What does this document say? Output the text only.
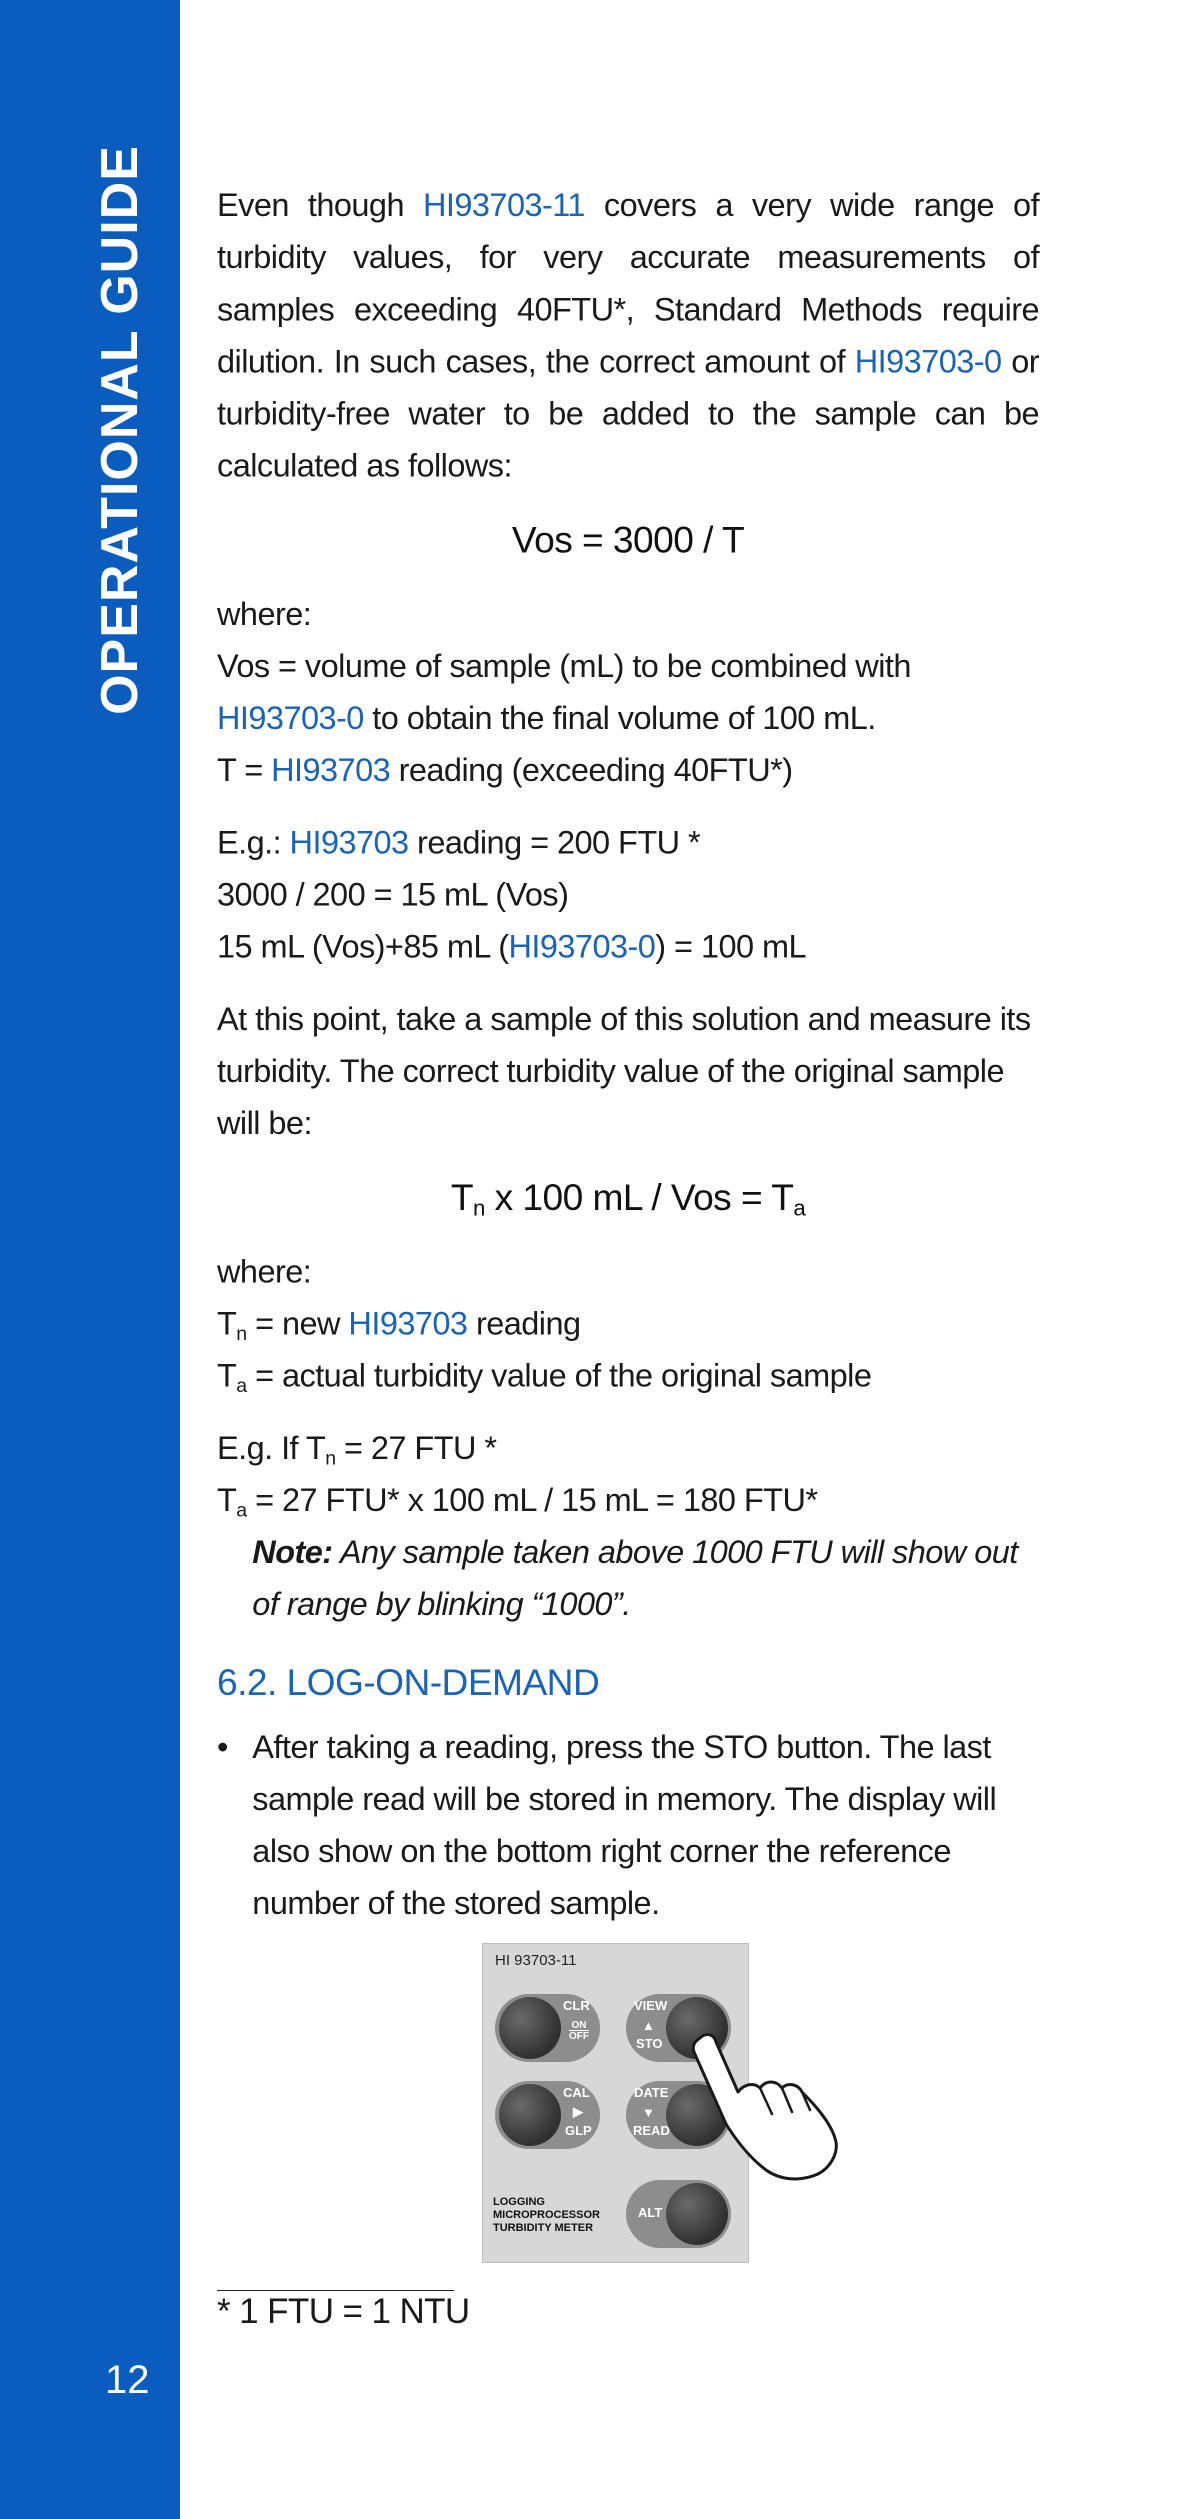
OPERATIONAL GUIDE
12

Even though HI93703-11 covers a very wide range of turbidity values, for very accurate measurements of samples exceeding 40FTU*, Standard Methods require dilution. In such cases, the correct amount of HI93703-0 or turbidity-free water to be added to the sample can be calculated as follows:

Vos = 3000 / T

where:

Vos = volume of sample (mL) to be combined with HI93703-0 to obtain the final volume of 100 mL.

T = HI93703 reading (exceeding 40FTU*)

E.g.: HI93703 reading = 200 FTU *

3000 / 200 = 15 mL (Vos)

15 mL (Vos)+85 mL (HI93703-0) = 100 mL

At this point, take a sample of this solution and measure its turbidity. The correct turbidity value of the original sample will be:

$T_n$ x 100 mL / Vos = $T_a$

where:

$T_n$ = new HI93703 reading

$T_a$ = actual turbidity value of the original sample

E.g. If $T_n = 27$ FTU *

$T_a = 27$ FTU* x 100 mL / 15 mL = 180 FTU*

Note: Any sample taken above 1000 FTU will show out of range by blinking “1000”.

6.2. LOG-ON-DEMAND

• After taking a reading, press the STO button. The last sample read will be stored in memory. The display will also show on the bottom right corner the reference number of the stored sample.
HI 93703-11
CLR
ON
$\overline{OFF}$
VIEW
▲
STO
CAL
▶
GLP
DATE
▼
READ
ALT
LOGGING
MICROPROCESSOR
TURBIDITY METER
* 1 FTU = 1 NTU
